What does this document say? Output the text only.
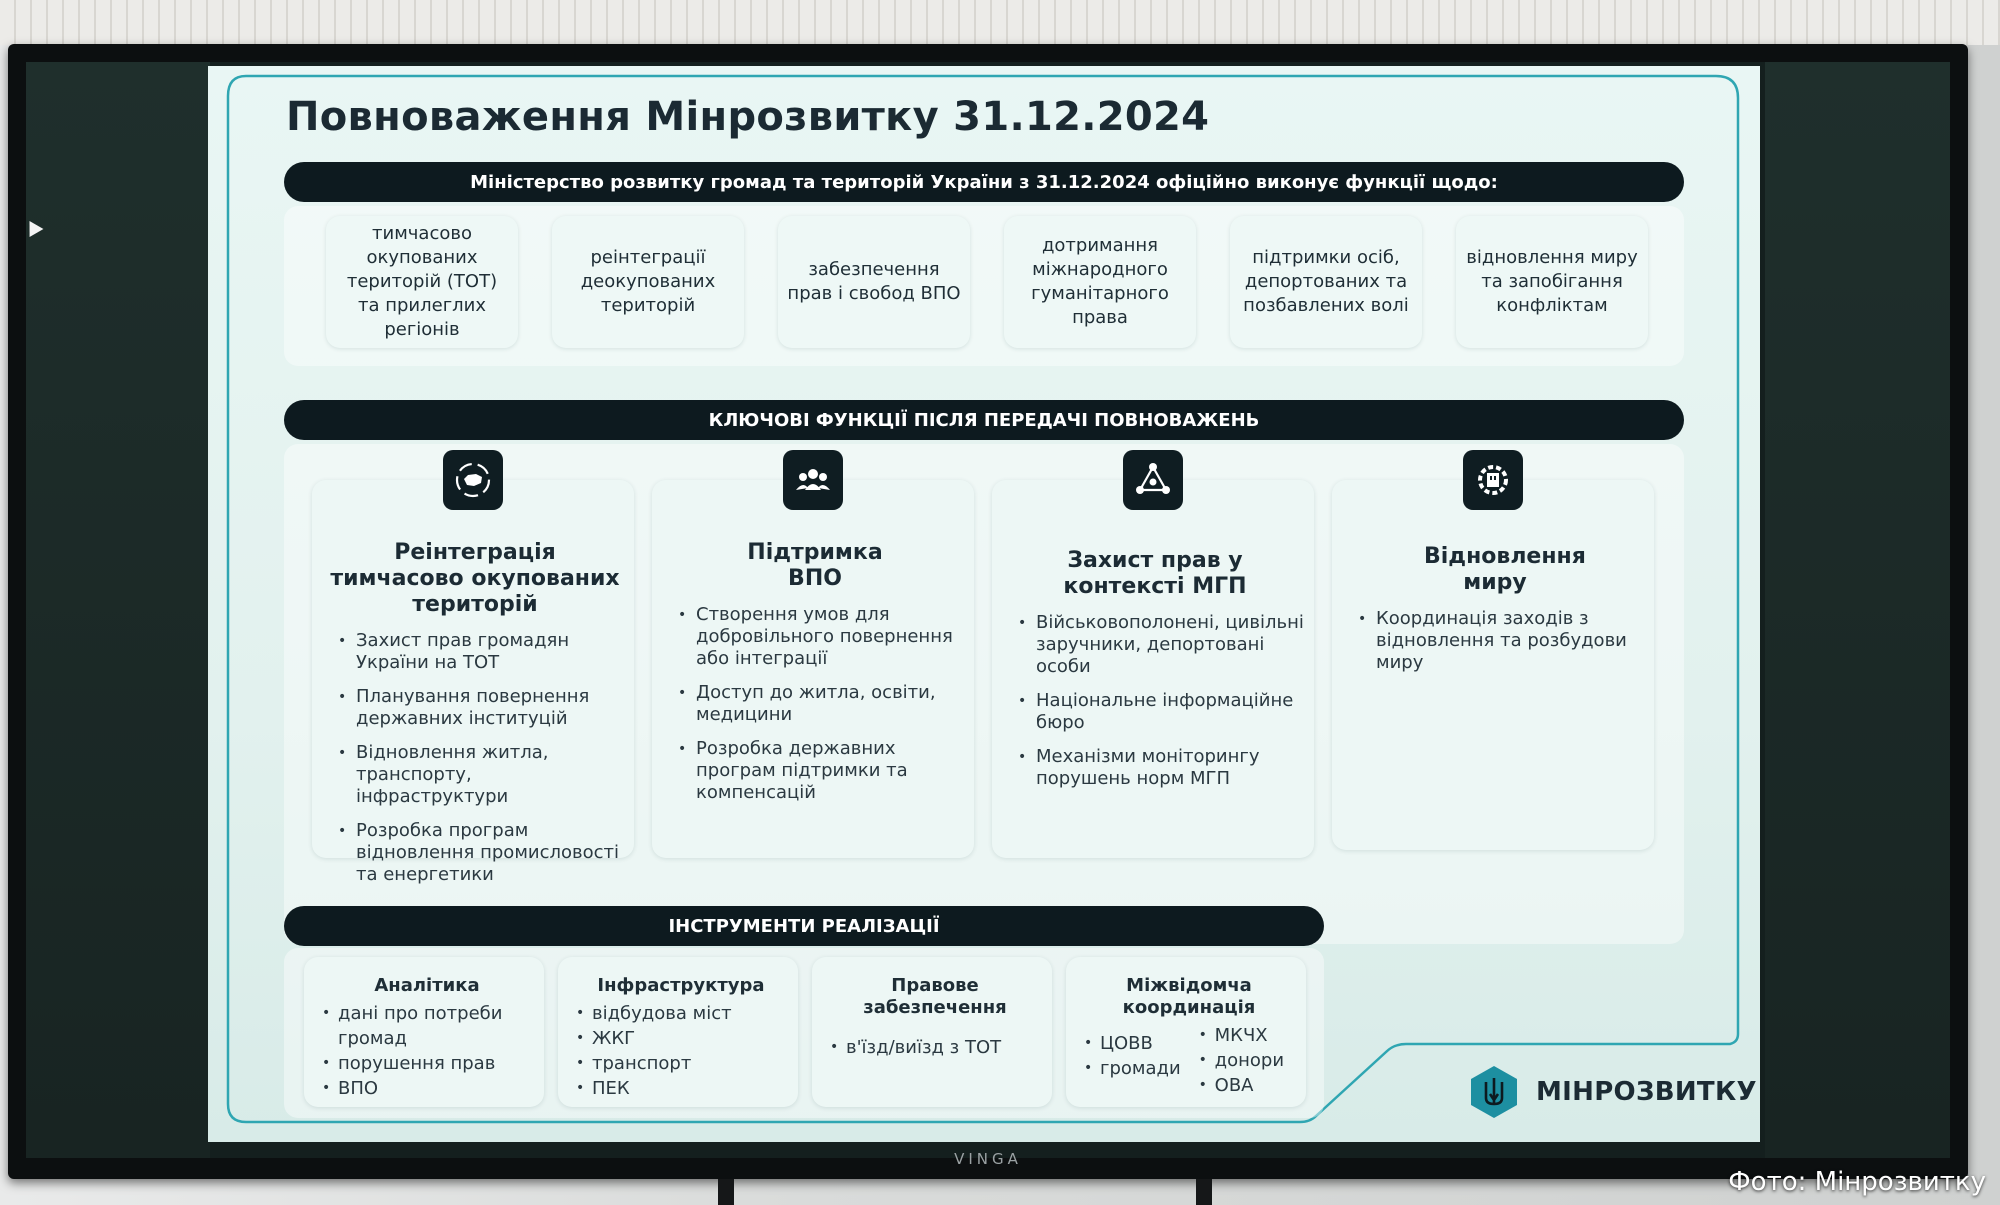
VINGA
Повноваження Мінрозвитку 31.12.2024
Міністерство розвитку громад та територій України з 31.12.2024 офіційно виконує функції щодо:
тимчасово окупованих територій (ТОТ) та прилеглих регіонів
реінтеграції деокупованих територій
забезпечення прав і свобод ВПО
дотримання міжнародного гуманітарного права
підтримки осіб, депортованих та позбавлених волі
відновлення миру та запобігання конфліктам
КЛЮЧОВІ ФУНКЦІЇ ПІСЛЯ ПЕРЕДАЧІ ПОВНОВАЖЕНЬ
Реінтеграція тимчасово окупованих територій
• Захист прав громадян України на ТОТ
• Планування повернення державних інституцій
• Відновлення житла, транспорту, інфраструктури
• Розробка програм відновлення промисловості та енергетики
Підтримка ВПО
• Створення умов для добровільного повернення або інтеграції
• Доступ до житла, освіти, медицини
• Розробка державних програм підтримки та компенсацій
Захист прав у контексті МГП
• Військовополонені, цивільні заручники, депортовані особи
• Національне інформаційне бюро
• Механізми моніторингу порушень норм МГП
Відновлення миру
• Координація заходів з відновлення та розбудови миру
ІНСТРУМЕНТИ РЕАЛІЗАЦІЇ
Аналітика
• дані про потреби громад
• порушення прав
• ВПО
Інфраструктура
• відбудова міст
• ЖКГ
• транспорт
• ПЕК
Правове забезпечення
• в'їзд/виїзд з ТОТ
Міжвідомча координація
• ЦОВВ
• громади
• МКЧХ
• донори
• ОВА	МІНРОЗВИТКУ
Фото: Мінрозвитку
